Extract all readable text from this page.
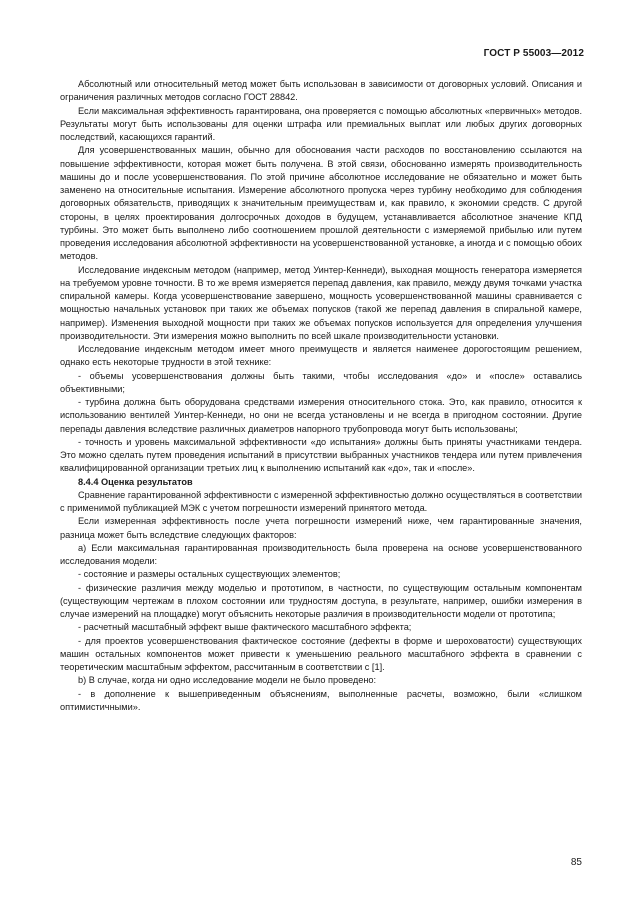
ГОСТ Р 55003—2012

Абсолютный или относительный метод может быть использован в зависимости от договорных условий. Описания и ограничения различных методов согласно ГОСТ 28842.

Если максимальная эффективность гарантирована, она проверяется с помощью абсолютных «первичных» методов. Результаты могут быть использованы для оценки штрафа или премиальных выплат или любых других договорных последствий, касающихся гарантий.

Для усовершенствованных машин, обычно для обоснования части расходов по восстановлению ссылаются на повышение эффективности, которая может быть получена. В этой связи, обоснованно измерять производительность машины до и после усовершенствования. По этой причине абсолютное исследование не обязательно и может быть заменено на относительные испытания. Измерение абсолютного пропуска через турбину необходимо для соблюдения договорных обязательств, приводящих к значительным преимуществам и, как правило, к экономии средств. С другой стороны, в целях проектирования долгосрочных доходов в будущем, устанавливается абсолютное значение КПД турбины. Это может быть выполнено либо соотношением прошлой деятельности с измеряемой прибылью или путем проведения исследования абсолютной эффективности на усовершенствованной установке, а иногда и с помощью обоих методов.

Исследование индексным методом (например, метод Уинтер-Кеннеди), выходная мощность генератора измеряется на требуемом уровне точности. В то же время измеряется перепад давления, как правило, между двумя точками участка спиральной камеры. Когда усовершенствование завершено, мощность усовершенствованной машины сравнивается с мощностью начальных установок при таких же объемах попусков (такой же перепад давления в спиральной камере, например). Изменения выходной мощности при таких же объемах попусков используется для определения улучшения производительности. Эти измерения можно выполнить по всей шкале производительности установки.

Исследование индексным методом имеет много преимуществ и является наименее дорогостоящим решением, однако есть некоторые трудности в этой технике:

- объемы усовершенствования должны быть такими, чтобы исследования «до» и «после» оставались объективными;

- турбина должна быть оборудована средствами измерения относительного стока. Это, как правило, относится к использованию вентилей Уинтер-Кеннеди, но они не всегда установлены и не всегда в пригодном состоянии. Другие перепады давления вследствие различных диаметров напорного трубопровода могут быть использованы;

- точность и уровень максимальной эффективности «до испытания» должны быть приняты участниками тендера. Это можно сделать путем проведения испытаний в присутствии выбранных участников тендера или путем привлечения квалифицированной организации третьих лиц к выполнению испытаний как «до», так и «после».

8.4.4 Оценка результатов

Сравнение гарантированной эффективности с измеренной эффективностью должно осуществляться в соответствии с применимой публикацией МЭК с учетом погрешности измерений принятого метода.

Если измеренная эффективность после учета погрешности измерений ниже, чем гарантированные значения, разница может быть вследствие следующих факторов:

a) Если максимальная гарантированная производительность была проверена на основе усовершенствованного исследования модели:

- состояние и размеры остальных существующих элементов;

- физические различия между моделью и прототипом, в частности, по существующим остальным компонентам (существующим чертежам в плохом состоянии или трудностям доступа, в результате, например, ошибки измерения в случае измерений на площадке) могут объяснить некоторые различия в производительности модели от прототипа;

- расчетный масштабный эффект выше фактического масштабного эффекта;

- для проектов усовершенствования фактическое состояние (дефекты в форме и шероховатости) существующих машин остальных компонентов может привести к уменьшению реального масштабного эффекта в сравнении с теоретическим масштабным эффектом, рассчитанным в соответствии с [1].

b) В случае, когда ни одно исследование модели не было проведено:

- в дополнение к вышеприведенным объяснениям, выполненные расчеты, возможно, были «слишком оптимистичными».

85
